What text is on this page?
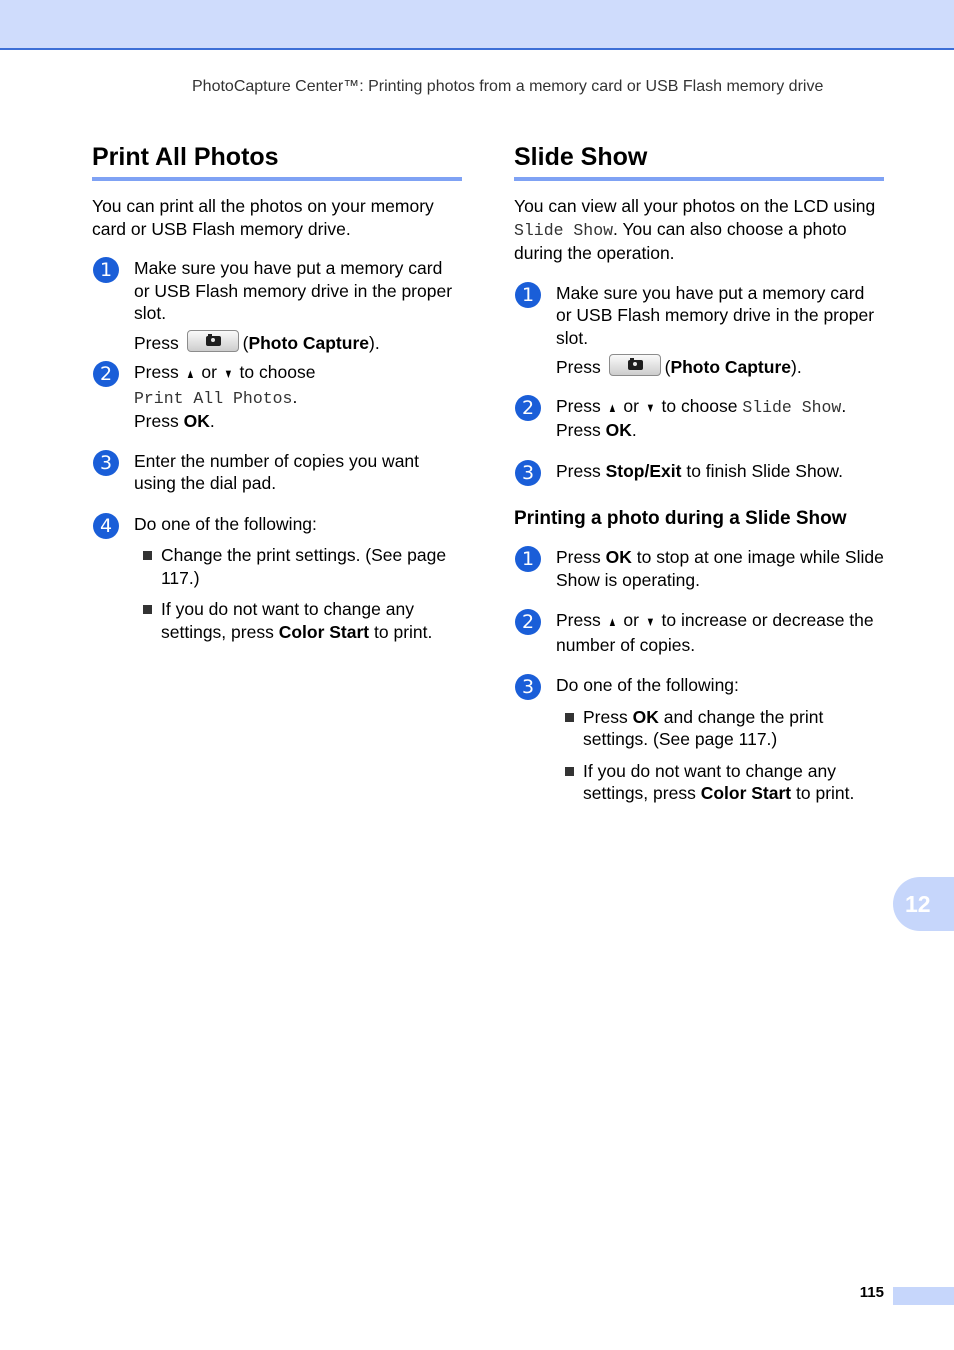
PhotoCapture Center™: Printing photos from a memory card or USB Flash memory drive
Print All Photos

You can print all the photos on your memory card or USB Flash memory drive.

1	Make sure you have put a memory card or USB Flash memory drive in the proper slot.

Press	(Photo Capture).

2	Press ▲ or ▼ to choose
Print All Photos.
Press OK.

3	Enter the number of copies you want using the dial pad.

4	Do one of the following:

Change the print settings. (See page 117.)

If you do not want to change any settings, press Color Start to print.

Slide Show

You can view all your photos on the LCD using Slide Show. You can also choose a photo during the operation.

1	Make sure you have put a memory card or USB Flash memory drive in the proper slot.

Press	(Photo Capture).

2	Press ▲ or ▼ to choose Slide Show.
Press OK.

3	Press Stop/Exit to finish Slide Show.

Printing a photo during a Slide Show
1	Press OK to stop at one image while Slide Show is operating.

2	Press ▲ or ▼ to increase or decrease the number of copies.

3	Do one of the following:

Press OK and change the print settings. (See page 117.)

If you do not want to change any settings, press Color Start to print.

12
115
